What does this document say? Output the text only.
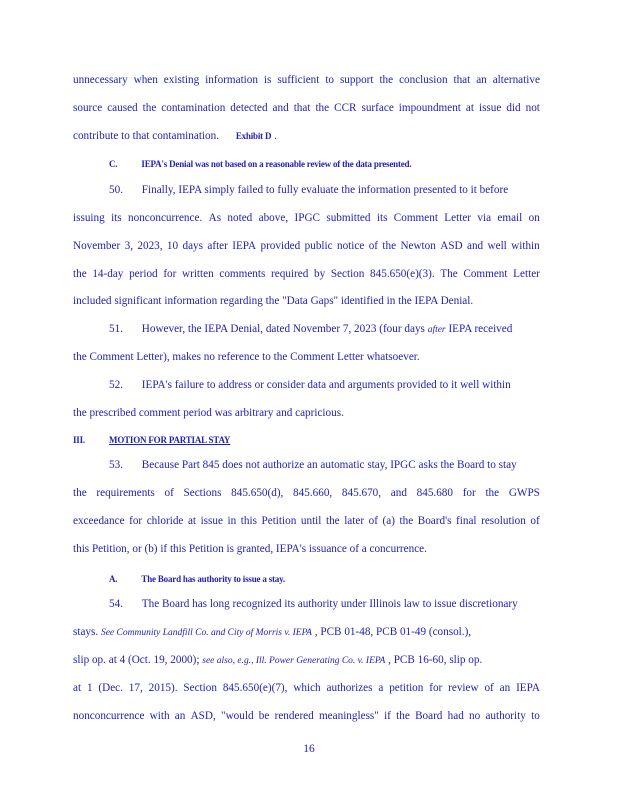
unnecessary when existing information is sufficient to support the conclusion that an alternative
source caused the contamination detected and that the CCR surface impoundment at issue did not
contribute to that contamination. Exhibit D .
C.	IEPA's Denial was not based on a reasonable review of the data presented.
50. Finally, IEPA simply failed to fully evaluate the information presented to it before
issuing its nonconcurrence. As noted above, IPGC submitted its Comment Letter via email on
November 3, 2023, 10 days after IEPA provided public notice of the Newton ASD and well within
the 14-day period for written comments required by Section 845.650(e)(3). The Comment Letter
included significant information regarding the "Data Gaps" identified in the IEPA Denial.
51. However, the IEPA Denial, dated November 7, 2023 (four days after IEPA received
the Comment Letter), makes no reference to the Comment Letter whatsoever.
52. IEPA's failure to address or consider data and arguments provided to it well within
the prescribed comment period was arbitrary and capricious.
III.	MOTION FOR PARTIAL STAY
53. Because Part 845 does not authorize an automatic stay, IPGC asks the Board to stay
the requirements of Sections 845.650(d), 845.660, 845.670, and 845.680 for the GWPS
exceedance for chloride at issue in this Petition until the later of (a) the Board's final resolution of
this Petition, or (b) if this Petition is granted, IEPA's issuance of a concurrence.
A.	The Board has authority to issue a stay.
54. The Board has long recognized its authority under Illinois law to issue discretionary
stays. See Community Landfill Co. and City of Morris v. IEPA , PCB 01-48, PCB 01-49 (consol.),
slip op. at 4 (Oct. 19, 2000); see also, e.g., Ill. Power Generating Co. v. IEPA , PCB 16-60, slip op.
at 1 (Dec. 17, 2015). Section 845.650(e)(7), which authorizes a petition for review of an IEPA
nonconcurrence with an ASD, "would be rendered meaningless" if the Board had no authority to
16
